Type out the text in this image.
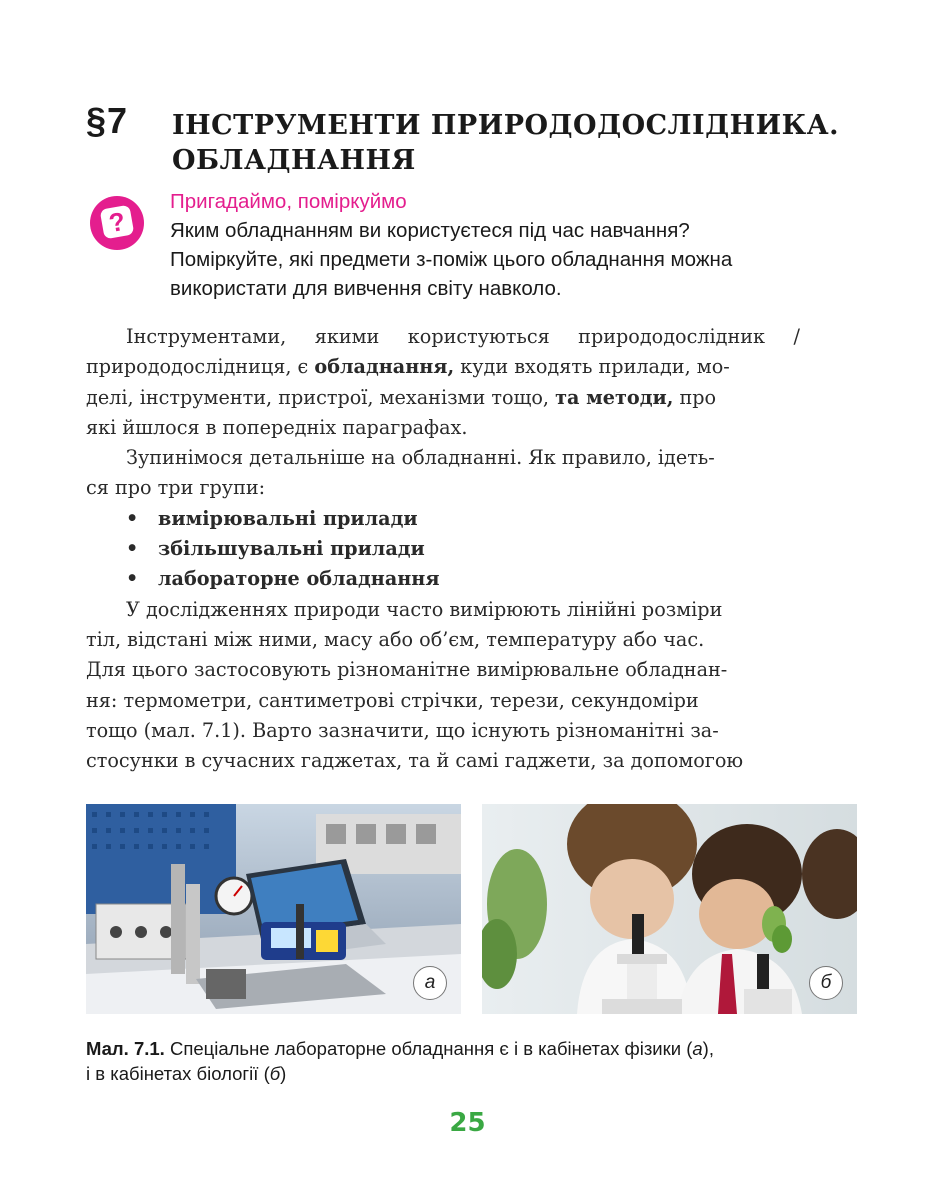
§7 ІНСТРУМЕНТИ ПРИРОДОДОСЛІДНИКА.
ОБЛАДНАННЯ
?

Пригадаймо, поміркуймо

Яким обладнанням ви користуєтеся під час навчання?

Поміркуйте, які предмети з-поміж цього обладнання можна

використати для вивчення світу навколо.

Інструментами, якими користуються природодослідник /
природодослідниця, є обладнання, куди входять прилади, мо-
делі, інструменти, пристрої, механізми тощо, та методи, про
які йшлося в попередніх параграфах.
Зупинімося детальніше на обладнанні. Як правило, ідеть-
ся про три групи:
•	вимірювальні прилади
•	збільшувальні прилади
•	лабораторне обладнання
У дослідженнях природи часто вимірюють лінійні розміри
тіл, відстані між ними, масу або об’єм, температуру або час.
Для цього застосовують різноманітне вимірювальне обладнан-
ня: термометри, сантиметрові стрічки, терези, секундоміри
тощо (мал. 7.1). Варто зазначити, що існують різноманітні за-
стосунки в сучасних гаджетах, та й самі гаджети, за допомогою
а	б
Мал. 7.1. Спеціальне лабораторне обладнання є і в кабінетах фізики (а),
і в кабінетах біології (б)
25
